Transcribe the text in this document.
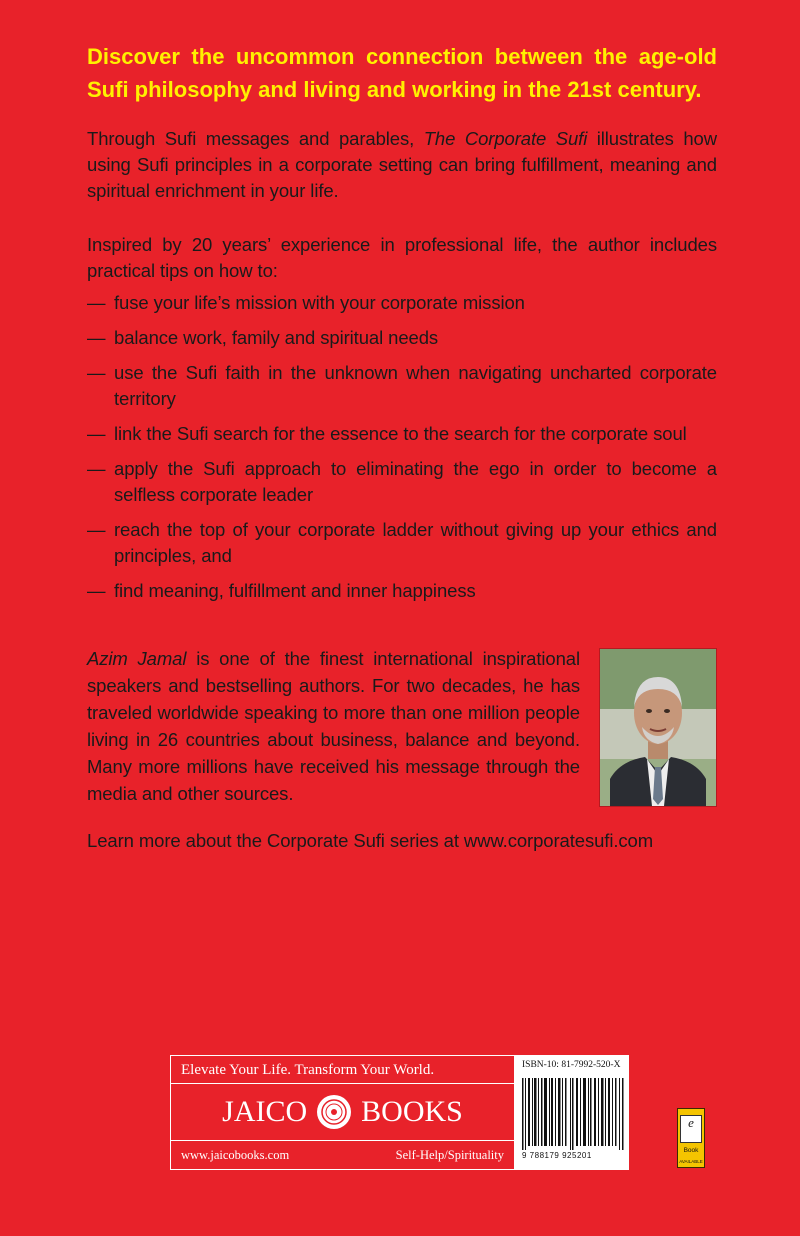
Discover the uncommon connection between the age-old Sufi philosophy and living and working in the 21st century.

Through Sufi messages and parables, The Corporate Sufi illustrates how using Sufi principles in a corporate setting can bring fulfillment, meaning and spiritual enrichment in your life.

Inspired by 20 years’ experience in professional life, the author includes practical tips on how to:

— fuse your life’s mission with your corporate mission
— balance work, family and spiritual needs
— use the Sufi faith in the unknown when navigating uncharted corporate territory
— link the Sufi search for the essence to the search for the corporate soul
— apply the Sufi approach to eliminating the ego in order to become a selfless corporate leader
— reach the top of your corporate ladder without giving up your ethics and principles, and
— find meaning, fulfillment and inner happiness

Azim Jamal is one of the finest international inspirational speakers and bestselling authors. For two decades, he has traveled worldwide speaking to more than one million people living in 26 countries about business, balance and beyond. Many more millions have received his message through the media and other sources.

Learn more about the Corporate Sufi series at www.corporatesufi.com

Elevate Your Life. Transform Your World.
JAICO BOOKS
www.jaicobooks.com	Self-Help/Spirituality
ISBN-10: 81-7992-520-X
9 788179 925201
e
Book
AVAILABLE
